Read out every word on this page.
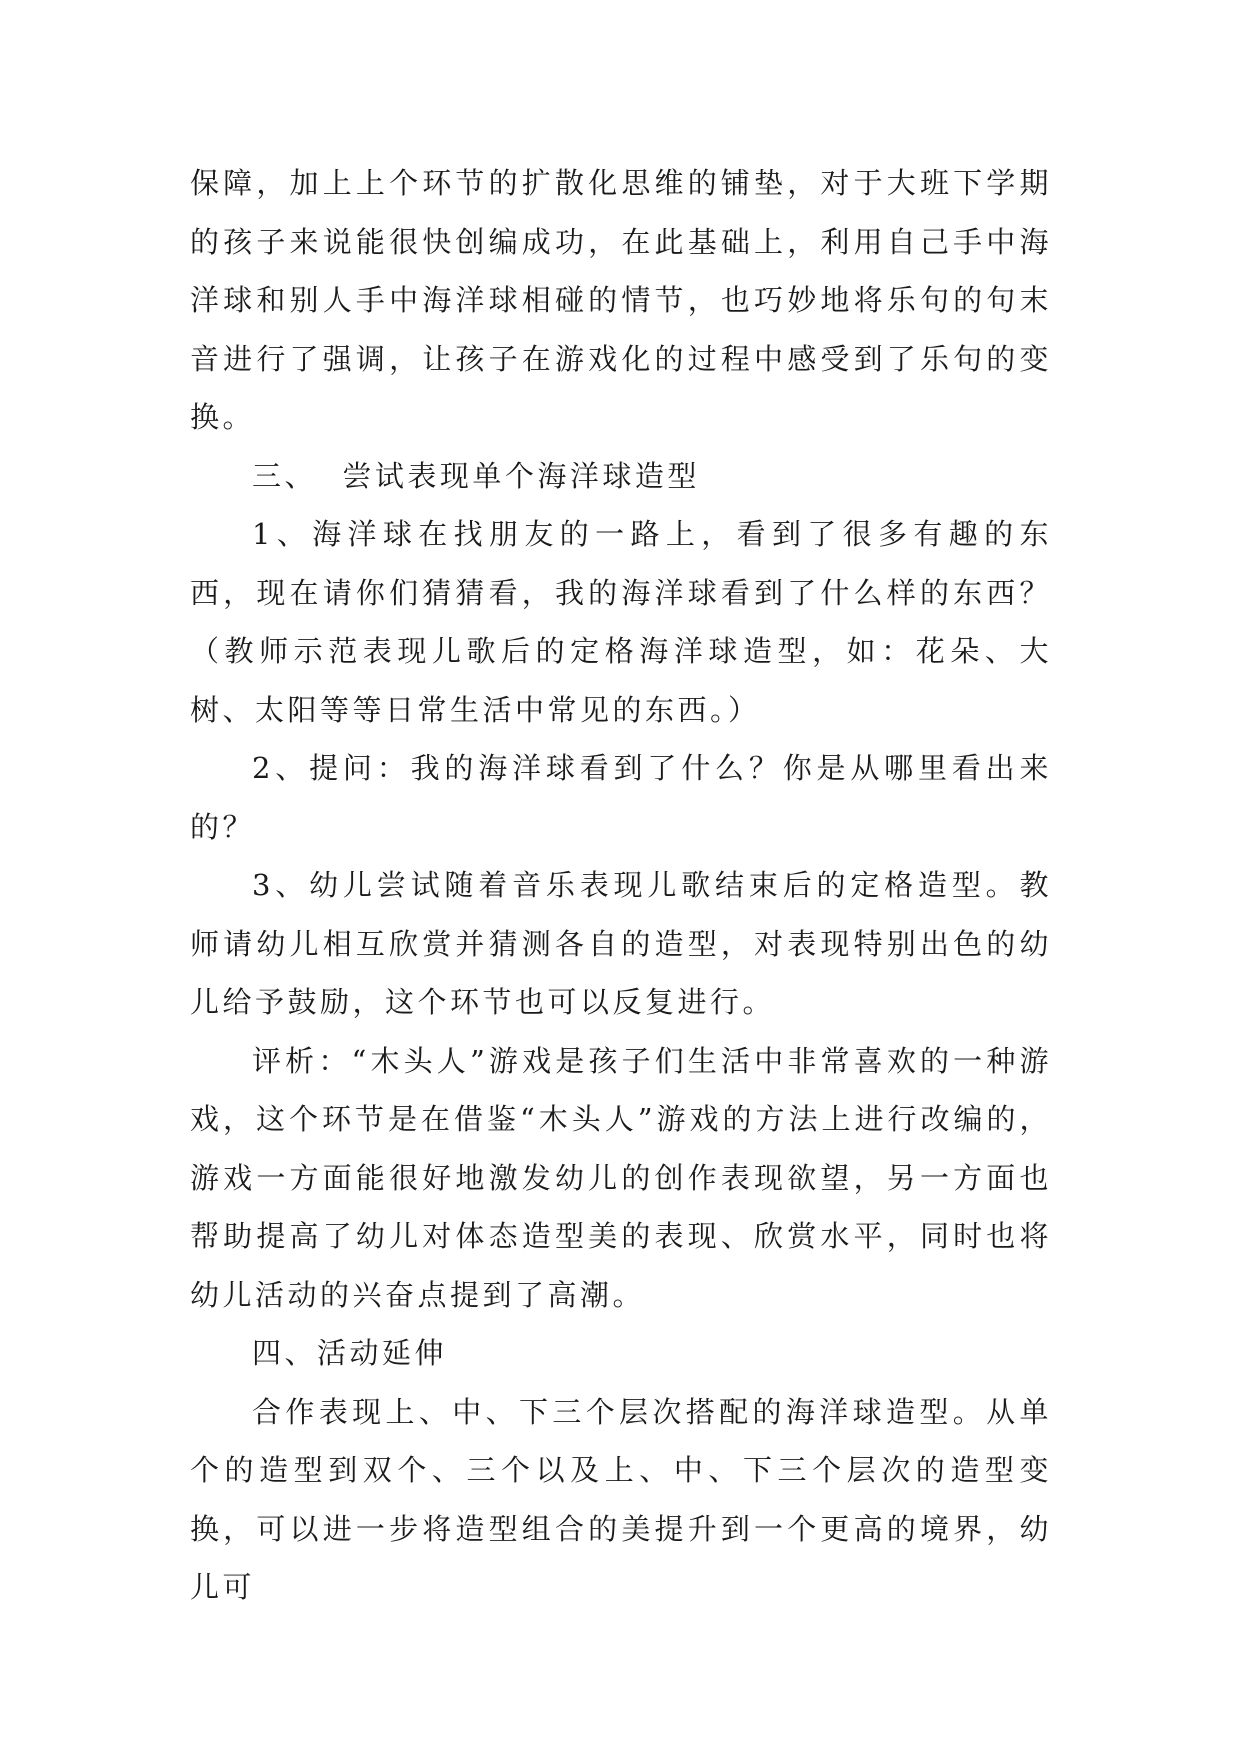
保障，加上上个环节的扩散化思维的铺垫，对于大班下学期的孩子来说能很快创编成功，在此基础上，利用自己手中海洋球和别人手中海洋球相碰的情节，也巧妙地将乐句的句末音进行了强调，让孩子在游戏化的过程中感受到了乐句的变换。

三、  尝试表现单个海洋球造型

1、海洋球在找朋友的一路上，看到了很多有趣的东西，现在请你们猜猜看，我的海洋球看到了什么样的东西？（教师示范表现儿歌后的定格海洋球造型，如：花朵、大树、太阳等等日常生活中常见的东西。）

2、提问：我的海洋球看到了什么？你是从哪里看出来的？

3、幼儿尝试随着音乐表现儿歌结束后的定格造型。教师请幼儿相互欣赏并猜测各自的造型，对表现特别出色的幼儿给予鼓励，这个环节也可以反复进行。

评析：“木头人”游戏是孩子们生活中非常喜欢的一种游戏，这个环节是在借鉴“木头人”游戏的方法上进行改编的，游戏一方面能很好地激发幼儿的创作表现欲望，另一方面也帮助提高了幼儿对体态造型美的表现、欣赏水平，同时也将幼儿活动的兴奋点提到了高潮。

四、活动延伸

合作表现上、中、下三个层次搭配的海洋球造型。从单个的造型到双个、三个以及上、中、下三个层次的造型变换，可以进一步将造型组合的美提升到一个更高的境界，幼儿可
